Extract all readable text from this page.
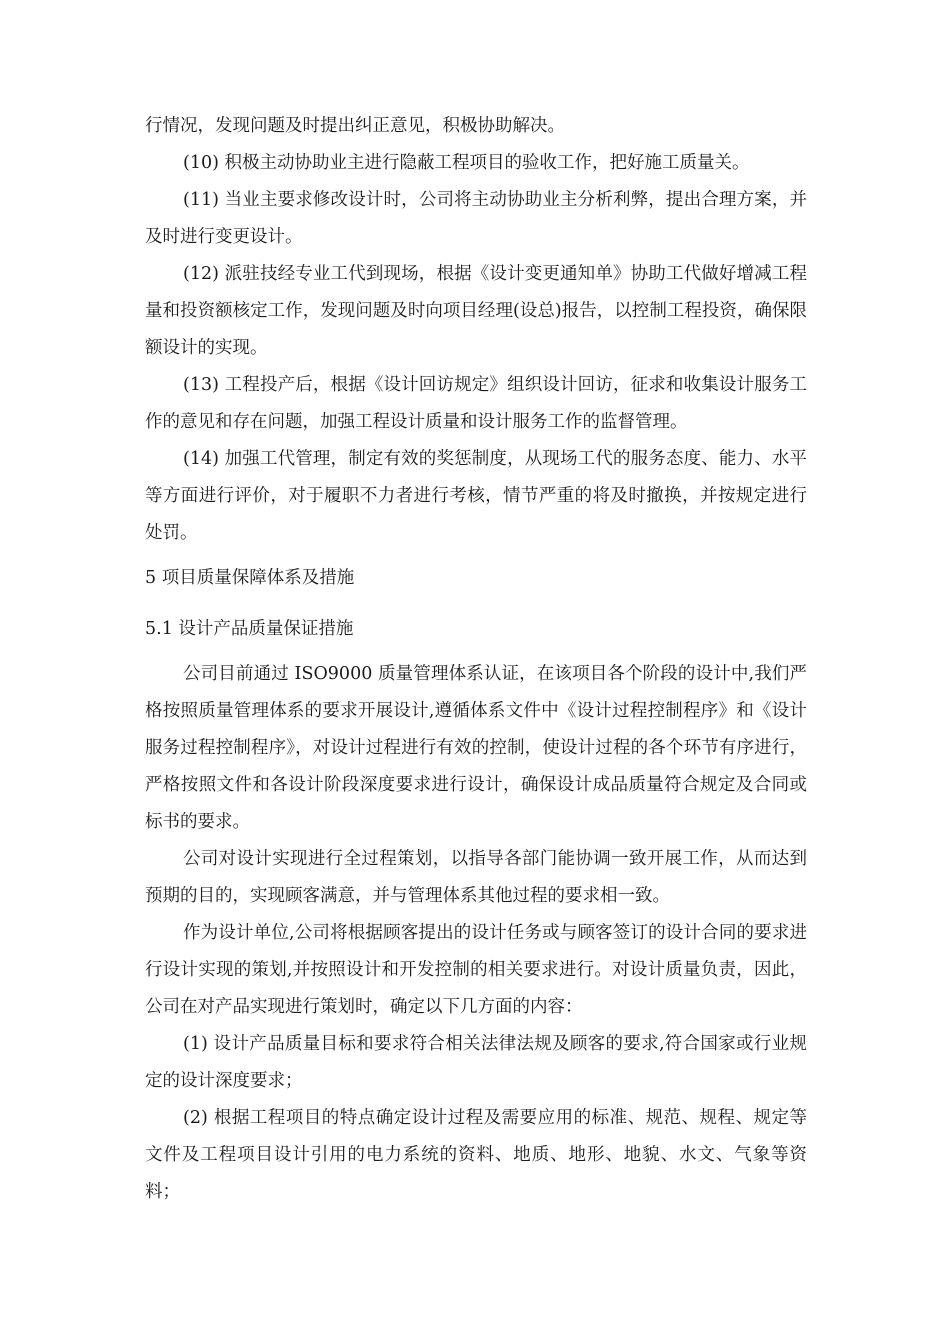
行情况，发现问题及时提出纠正意见，积极协助解决。

(10) 积极主动协助业主进行隐蔽工程项目的验收工作，把好施工质量关。

(11) 当业主要求修改设计时，公司将主动协助业主分析利弊，提出合理方案，并及时进行变更设计。

(12) 派驻技经专业工代到现场，根据《设计变更通知单》协助工代做好增减工程量和投资额核定工作，发现问题及时向项目经理(设总)报告，以控制工程投资，确保限额设计的实现。

(13) 工程投产后，根据《设计回访规定》组织设计回访，征求和收集设计服务工作的意见和存在问题，加强工程设计质量和设计服务工作的监督管理。

(14) 加强工代管理，制定有效的奖惩制度，从现场工代的服务态度、能力、水平等方面进行评价，对于履职不力者进行考核，情节严重的将及时撤换，并按规定进行处罚。

5 项目质量保障体系及措施

5.1 设计产品质量保证措施

公司目前通过 ISO9000 质量管理体系认证，在该项目各个阶段的设计中,我们严格按照质量管理体系的要求开展设计,遵循体系文件中《设计过程控制程序》和《设计服务过程控制程序》，对设计过程进行有效的控制，使设计过程的各个环节有序进行，严格按照文件和各设计阶段深度要求进行设计，确保设计成品质量符合规定及合同或标书的要求。

公司对设计实现进行全过程策划，以指导各部门能协调一致开展工作，从而达到预期的目的，实现顾客满意，并与管理体系其他过程的要求相一致。

作为设计单位,公司将根据顾客提出的设计任务或与顾客签订的设计合同的要求进行设计实现的策划,并按照设计和开发控制的相关要求进行。对设计质量负责，因此，公司在对产品实现进行策划时，确定以下几方面的内容：

(1) 设计产品质量目标和要求符合相关法律法规及顾客的要求,符合国家或行业规定的设计深度要求；

(2) 根据工程项目的特点确定设计过程及需要应用的标准、规范、规程、规定等文件及工程项目设计引用的电力系统的资料、地质、地形、地貌、水文、气象等资料；
